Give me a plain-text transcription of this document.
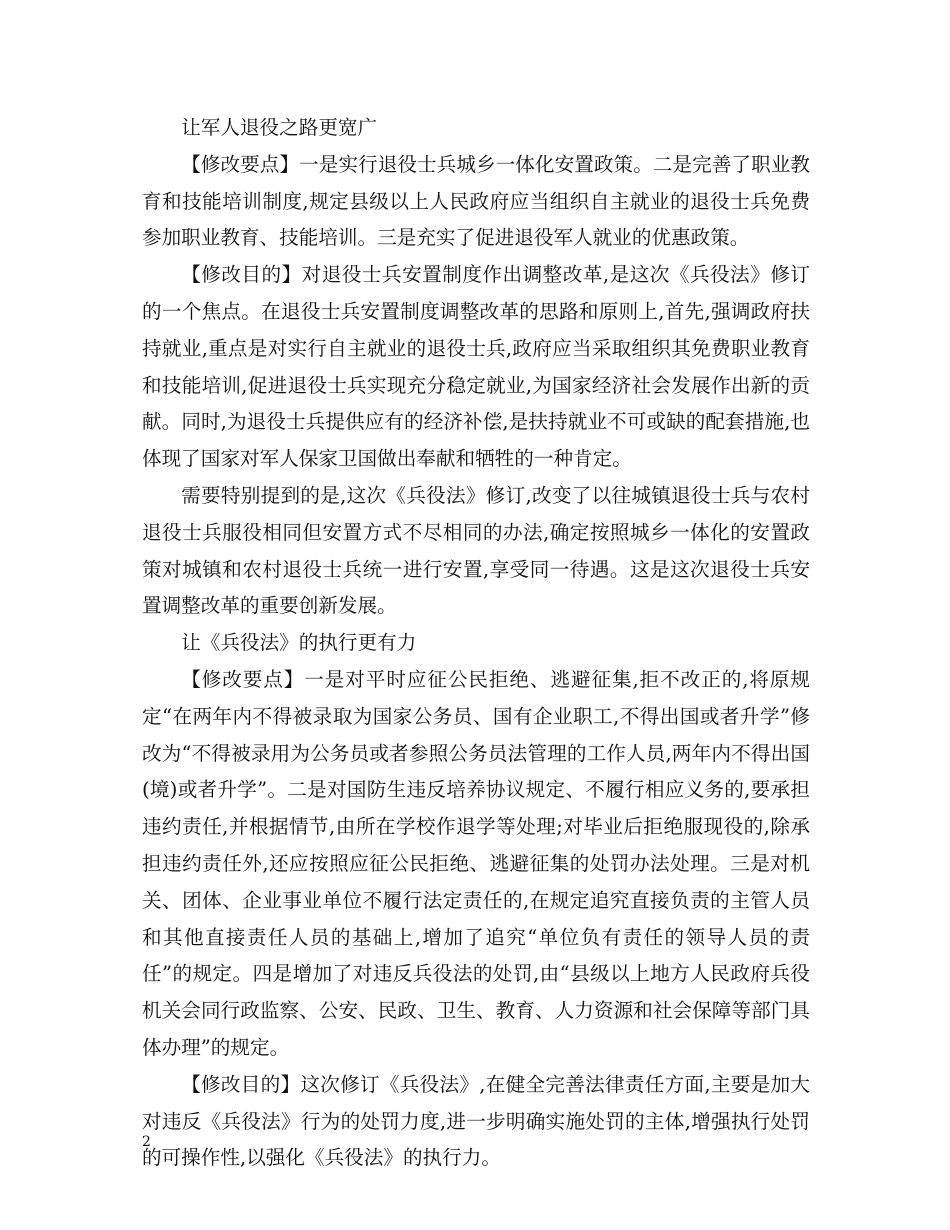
让军人退役之路更宽广

【修改要点】一是实行退役士兵城乡一体化安置政策。二是完善了职业教育和技能培训制度,规定县级以上人民政府应当组织自主就业的退役士兵免费参加职业教育、技能培训。三是充实了促进退役军人就业的优惠政策。

【修改目的】对退役士兵安置制度作出调整改革,是这次《兵役法》修订的一个焦点。在退役士兵安置制度调整改革的思路和原则上,首先,强调政府扶持就业,重点是对实行自主就业的退役士兵,政府应当采取组织其免费职业教育和技能培训,促进退役士兵实现充分稳定就业,为国家经济社会发展作出新的贡献。同时,为退役士兵提供应有的经济补偿,是扶持就业不可或缺的配套措施,也体现了国家对军人保家卫国做出奉献和牺牲的一种肯定。

需要特别提到的是,这次《兵役法》修订,改变了以往城镇退役士兵与农村退役士兵服役相同但安置方式不尽相同的办法,确定按照城乡一体化的安置政策对城镇和农村退役士兵统一进行安置,享受同一待遇。这是这次退役士兵安置调整改革的重要创新发展。

让《兵役法》的执行更有力

【修改要点】一是对平时应征公民拒绝、逃避征集,拒不改正的,将原规定“在两年内不得被录取为国家公务员、国有企业职工,不得出国或者升学”修改为“不得被录用为公务员或者参照公务员法管理的工作人员,两年内不得出国(境)或者升学”。二是对国防生违反培养协议规定、不履行相应义务的,要承担违约责任,并根据情节,由所在学校作退学等处理;对毕业后拒绝服现役的,除承担违约责任外,还应按照应征公民拒绝、逃避征集的处罚办法处理。三是对机关、团体、企业事业单位不履行法定责任的,在规定追究直接负责的主管人员和其他直接责任人员的基础上,增加了追究“单位负有责任的领导人员的责任”的规定。四是增加了对违反兵役法的处罚,由“县级以上地方人民政府兵役机关会同行政监察、公安、民政、卫生、教育、人力资源和社会保障等部门具体办理”的规定。

【修改目的】这次修订《兵役法》,在健全完善法律责任方面,主要是加大对违反《兵役法》行为的处罚力度,进一步明确实施处罚的主体,增强执行处罚的可操作性,以强化《兵役法》的执行力。

2
